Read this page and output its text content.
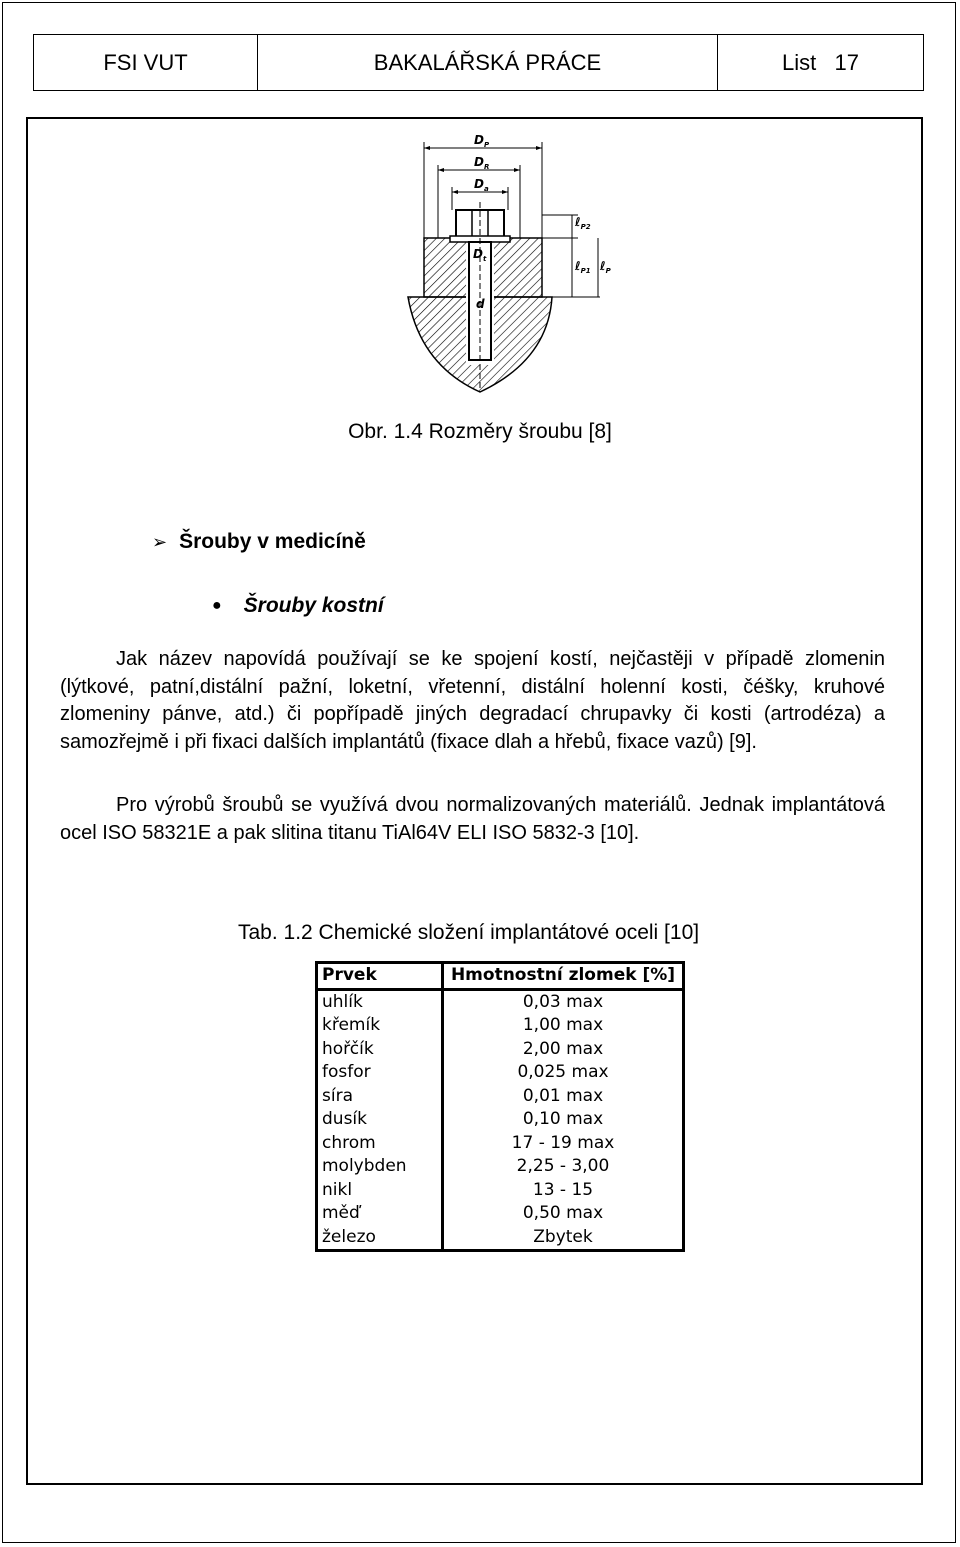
FSI VUT	BAKALÁŘSKÁ PRÁCE	List   17
$D_P$
$D_R$
$D_a$
$D_t$
d
ℓ$_{P2}$
ℓ$_{P1}$ ℓ$_P$
Obr. 1.4 Rozměry šroubu [8]
➢ Šrouby v medicíně
● Šrouby kostní
Jak název napovídá používají se ke spojení kostí, nejčastěji v případě zlomenin (lýtkové, patní,distální pažní, loketní, vřetenní, distální holenní kosti, čéšky, kruhové zlomeniny pánve, atd.) či popřípadě jiných degradací chrupavky či kosti (artrodéza) a samozřejmě i při fixaci dalších implantátů (fixace dlah a hřebů, fixace vazů) [9].
Pro výrobů šroubů se využívá dvou normalizovaných materiálů. Jednak implantátová ocel ISO 58321E a pak slitina titanu TiAl64V ELI ISO 5832-3 [10].
Tab. 1.2 Chemické složení implantátové oceli [10]
Prvek	Hmotnostní zlomek [%]
uhlík	0,03 max
křemík	1,00 max
hořčík	2,00 max
fosfor	0,025 max
síra	0,01 max
dusík	0,10 max
chrom	17 - 19 max
molybden	2,25 - 3,00
nikl	13 - 15
měď	0,50 max
železo	Zbytek
